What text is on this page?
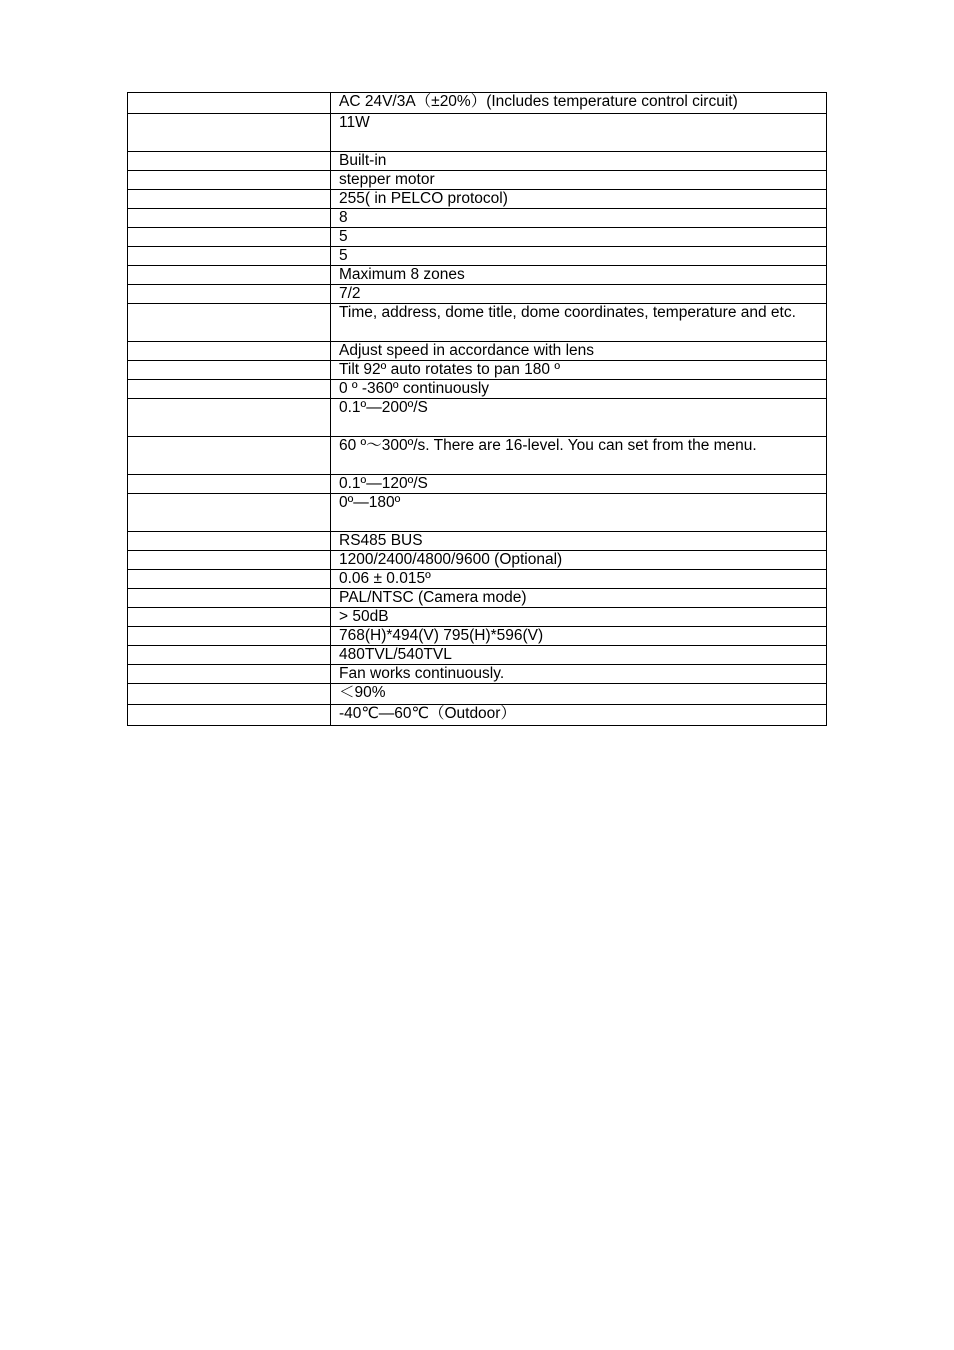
	AC 24V/3A（±20%）(Includes temperature control circuit)
	11W
	Built-in
	stepper motor
	255( in PELCO protocol)
	8
	5
	5
	Maximum 8 zones
	7/2
	Time, address, dome title, dome coordinates, temperature and etc.
	Adjust speed in accordance with lens
	Tilt 92º auto rotates to pan 180 º
	0 º -360º continuously
	0.1º—200º/S
	60 º～300º/s. There are 16-level. You can set from the menu.
	0.1º—120º/S
	0º—180º
	RS485 BUS
	1200/2400/4800/9600 (Optional)
	0.06 ± 0.015º
	PAL/NTSC (Camera mode)
	> 50dB
	768(H)*494(V) 795(H)*596(V)
	480TVL/540TVL
	Fan works continuously.
	＜90%
	-40℃—60℃（Outdoor）
